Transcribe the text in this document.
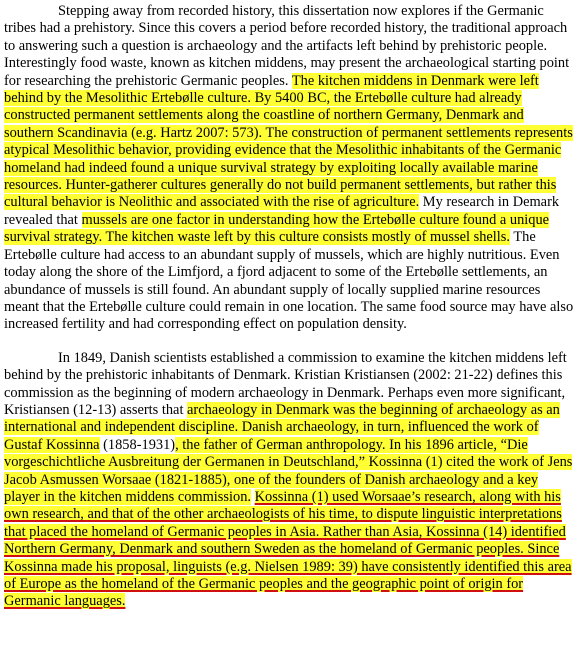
Stepping away from recorded history, this dissertation now explores if the Germanic tribes had a prehistory. Since this covers a period before recorded history, the traditional approach to answering such a question is archaeology and the artifacts left behind by prehistoric people. Interestingly food waste, known as kitchen middens, may present the archaeological starting point for researching the prehistoric Germanic peoples. The kitchen middens in Denmark were left behind by the Mesolithic Ertebølle culture. By 5400 BC, the Ertebølle culture had already constructed permanent settlements along the coastline of northern Germany, Denmark and southern Scandinavia (e.g. Hartz 2007: 573). The construction of permanent settlements represents atypical Mesolithic behavior, providing evidence that the Mesolithic inhabitants of the Germanic homeland had indeed found a unique survival strategy by exploiting locally available marine resources. Hunter-gatherer cultures generally do not build permanent settlements, but rather this cultural behavior is Neolithic and associated with the rise of agriculture. My research in Demark revealed that mussels are one factor in understanding how the Ertebølle culture found a unique survival strategy. The kitchen waste left by this culture consists mostly of mussel shells. The Ertebølle culture had access to an abundant supply of mussels, which are highly nutritious. Even today along the shore of the Limfjord, a fjord adjacent to some of the Ertebølle settlements, an abundance of mussels is still found. An abundant supply of locally supplied marine resources meant that the Ertebølle culture could remain in one location. The same food source may have also increased fertility and had corresponding effect on population density.

In 1849, Danish scientists established a commission to examine the kitchen middens left behind by the prehistoric inhabitants of Denmark. Kristian Kristiansen (2002: 21-22) defines this commission as the beginning of modern archaeology in Denmark. Perhaps even more significant, Kristiansen (12-13) asserts that archaeology in Denmark was the beginning of archaeology as an international and independent discipline. Danish archaeology, in turn, influenced the work of Gustaf Kossinna (1858-1931), the father of German anthropology. In his 1896 article, “Die vorgeschichtliche Ausbreitung der Germanen in Deutschland,” Kossinna (1) cited the work of Jens Jacob Asmussen Worsaae (1821-1885), one of the founders of Danish archaeology and a key player in the kitchen middens commission. Kossinna (1) used Worsaae’s research, along with his own research, and that of the other archaeologists of his time, to dispute linguistic interpretations that placed the homeland of Germanic peoples in Asia. Rather than Asia, Kossinna (14) identified Northern Germany, Denmark and southern Sweden as the homeland of Germanic peoples. Since Kossinna made his proposal, linguists (e.g. Nielsen 1989: 39) have consistently identified this area of Europe as the homeland of the Germanic peoples and the geographic point of origin for Germanic languages.
